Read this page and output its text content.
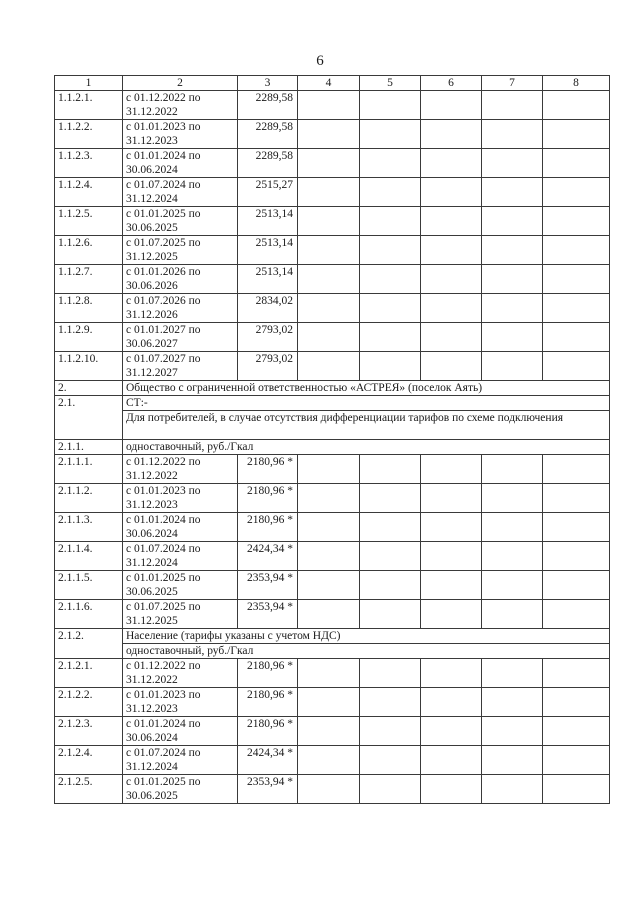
6
1	2	3	4	5	6	7	8
1.1.2.1.	с 01.12.2022 по 31.12.2022	2289,58					
1.1.2.2.	с 01.01.2023 по 31.12.2023	2289,58					
1.1.2.3.	с 01.01.2024 по 30.06.2024	2289,58					
1.1.2.4.	с 01.07.2024 по 31.12.2024	2515,27					
1.1.2.5.	с 01.01.2025 по 30.06.2025	2513,14					
1.1.2.6.	с 01.07.2025 по 31.12.2025	2513,14					
1.1.2.7.	с 01.01.2026 по 30.06.2026	2513,14					
1.1.2.8.	с 01.07.2026 по 31.12.2026	2834,02					
1.1.2.9.	с 01.01.2027 по 30.06.2027	2793,02					
1.1.2.10.	с 01.07.2027 по 31.12.2027	2793,02					
2.	Общество с ограниченной ответственностью «АСТРЕЯ» (поселок Аять)						
2.1.	СТ:-						
	Для потребителей, в случае отсутствия дифференциации тарифов по схеме подключения						
2.1.1.	одноставочный, руб./Гкал						
2.1.1.1.	с 01.12.2022 по 31.12.2022	2180,96 *					
2.1.1.2.	с 01.01.2023 по 31.12.2023	2180,96 *					
2.1.1.3.	с 01.01.2024 по 30.06.2024	2180,96 *					
2.1.1.4.	с 01.07.2024 по 31.12.2024	2424,34 *					
2.1.1.5.	с 01.01.2025 по 30.06.2025	2353,94 *					
2.1.1.6.	с 01.07.2025 по 31.12.2025	2353,94 *					
2.1.2.	Население (тарифы указаны с учетом НДС)						
	одноставочный, руб./Гкал						
2.1.2.1.	с 01.12.2022 по 31.12.2022	2180,96 *					
2.1.2.2.	с 01.01.2023 по 31.12.2023	2180,96 *					
2.1.2.3.	с 01.01.2024 по 30.06.2024	2180,96 *					
2.1.2.4.	с 01.07.2024 по 31.12.2024	2424,34 *					
2.1.2.5.	с 01.01.2025 по 30.06.2025	2353,94 *					
